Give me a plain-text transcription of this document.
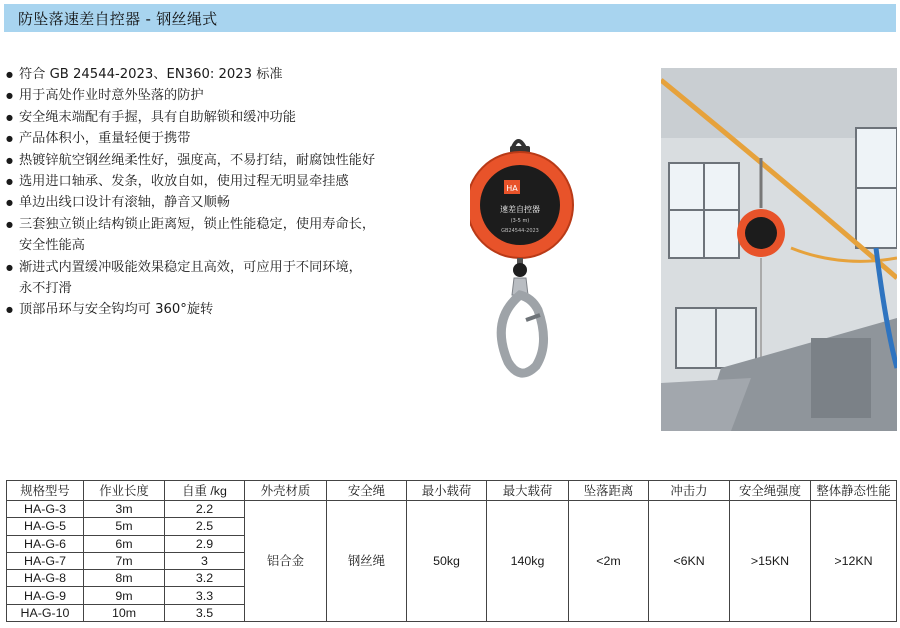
防坠落速差自控器 - 钢丝绳式
● 符合 GB 24544-2023、EN360: 2023 标准
● 用于高处作业时意外坠落的防护
● 安全绳末端配有手握，具有自助解锁和缓冲功能
● 产品体积小，重量轻便于携带
● 热镀锌航空钢丝绳柔性好，强度高，不易打结，耐腐蚀性能好
● 选用进口轴承、发条，收放自如，使用过程无明显牵挂感
● 单边出线口设计有滚轴，静音又顺畅
● 三套独立锁止结构锁止距离短，锁止性能稳定，使用寿命长，
安全性能高
● 渐进式内置缓冲吸能效果稳定且高效，可应用于不同环境，
永不打滑
● 顶部吊环与安全钩均可 360°旋转
HA
速差自控器
(3-5 m)
GB24544-2023
规格型号	作业长度	自重 /kg	外壳材质	安全绳	最小载荷	最大载荷	坠落距离	冲击力	安全绳强度	整体静态性能
HA-G-3	3m	2.2	铝合金	钢丝绳	50kg	140kg	<2m	<6KN	>15KN	>12KN
HA-G-5	5m	2.5								
HA-G-6	6m	2.9								
HA-G-7	7m	3								
HA-G-8	8m	3.2								
HA-G-9	9m	3.3								
HA-G-10	10m	3.5								
